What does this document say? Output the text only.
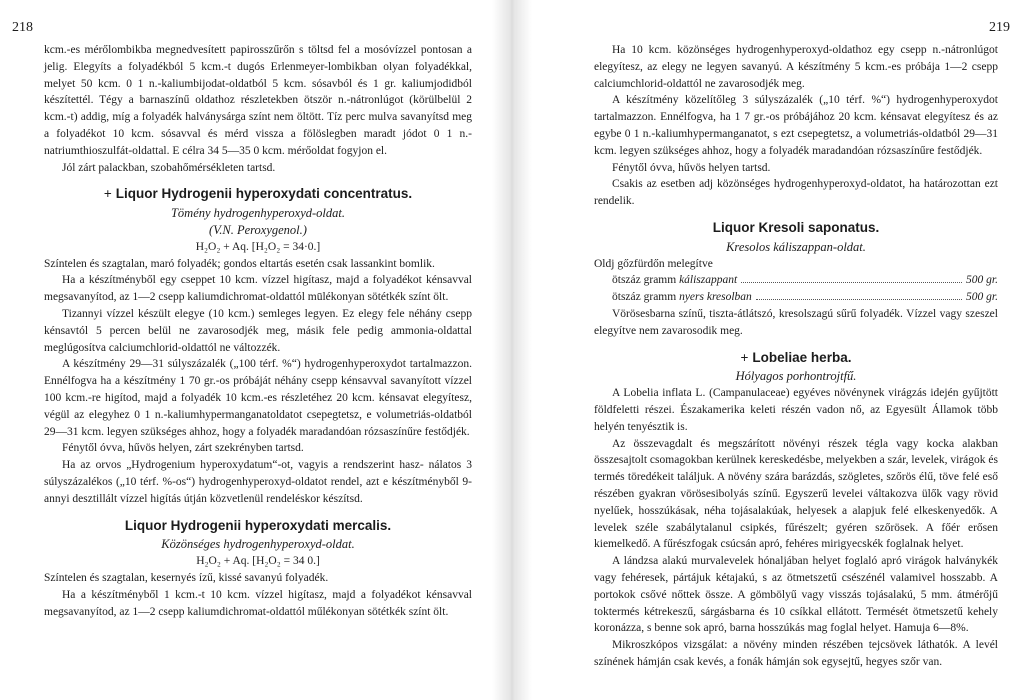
218

kcm.-es mérőlombikba megnedvesített papirosszűrőn s töltsd fel a mosóvízzel pontosan a jelig. Elegyíts a folyadékból 5 kcm.-t dugós Erlenmeyer-lombikban olyan folyadékkal, melyet 50 kcm. 0 1 n.-kaliumbijodat-oldatból 5 kcm. sósavból és 1 gr. kaliumjodidból készítettél. Tégy a barnaszínű oldathoz részletekben ötször n.-nátronlúgot (körülbelül 2 kcm.-t) addig, míg a folyadék halványsárga színt nem öltött. Tíz perc mulva savanyítsd meg a folyadékot 10 kcm. sósavval és mérd vissza a fölöslegben maradt jódot 0 1 n.-natriumthioszulfát-oldattal. E célra 34 5—35 0 kcm. mérőoldat fogyjon el.

Jól zárt palackban, szobahőmérsékleten tartsd.

+ Liquor Hydrogenii hyperoxydati concentratus.
Tömény hydrogenhyperoxyd-oldat.
(V.N. Peroxygenol.)
H₂O₂ + Aq. [H₂O₂ = 34·0.]

Színtelen és szagtalan, maró folyadék; gondos eltartás esetén csak lassankint bomlik.

Ha a készítményből egy cseppet 10 kcm. vízzel higítasz, majd a folyadékot kénsavval megsavanyítod, az 1—2 csepp kaliumdichromat-oldattól mūlékonyan sötétkék színt ölt.

Tizannyi vízzel készült elegye (10 kcm.) semleges legyen. Ez elegy fele néhány csepp kénsavtól 5 percen belül ne zavarosodjék meg, másik fele pedig ammonia-oldattal meglúgosítva calciumchlorid-oldattól ne változzék.

A készítmény 29—31 súlyszázalék („100 térf. %“) hydrogenhyperoxydot tartalmazzon. Ennélfogva ha a készítmény 1 70 gr.-os próbáját néhány csepp kénsavval savanyított vízzel 100 kcm.-re higítod, majd a folyadék 10 kcm.-es részletéhez 20 kcm. kénsavat elegyítesz, végül az elegyhez 0 1 n.-kaliumhypermanganatoldatot csepegtetsz, e volumetriás-oldatból 29—31 kcm. legyen szükséges ahhoz, hogy a folyadék maradandóan rózsaszínűre festődjék.

Fénytől óvva, hűvös helyen, zárt szekrényben tartsd.

Ha az orvos „Hydrogenium hyperoxydatum“-ot, vagyis a rendszerint hasz- nálatos 3 súlyszázalékos („10 térf. %-os“) hydrogenhyperoxyd-oldatot rendel, azt e készítményből 9-annyi desztillált vízzel higítás útján közvetlenül rendeléskor készítsd.

Liquor Hydrogenii hyperoxydati mercalis.
Közönséges hydrogenhyperoxyd-oldat.
H₂O₂ + Aq. [H₂O₂ = 34 0.]

Színtelen és szagtalan, kesernyés ízű, kissé savanyú folyadék.

Ha a készítményből 1 kcm.-t 10 kcm. vízzel higítasz, majd a folyadékot kénsavval megsavanyítod, az 1—2 csepp kaliumdichromat-oldattól műlékonyan sötétkék színt ölt.

219

Ha 10 kcm. közönséges hydrogenhyperoxyd-oldathoz egy csepp n.-nátronlúgot elegyítesz, az elegy ne legyen savanyú. A készítmény 5 kcm.-es próbája 1—2 csepp calciumchlorid-oldattól ne zavarosodjék meg.

A készítmény közelítőleg 3 súlyszázalék („10 térf. %“) hydrogenhyperoxydot tartalmazzon. Ennélfogva, ha 1 7 gr.-os próbájához 20 kcm. kénsavat elegyítesz és az egybe 0 1 n.-kaliumhypermanganatot, s ezt csepegtetsz, a volumetriás-oldatból 29—31 kcm. legyen szükséges ahhoz, hogy a folyadék maradandóan rózsaszínűre festődjék.

Fénytől óvva, hűvös helyen tartsd.

Csakis az esetben adj közönséges hydrogenhyperoxyd-oldatot, ha határozottan ezt rendelik.

Liquor Kresoli saponatus.
Kresolos káliszappan-oldat.

Oldj gőzfürdőn melegítve

ötszáz gramm
káliszappant	500 gr.
ötszáz gramm
nyers kresolban	500 gr.

Vörösesbarna színű, tiszta-átlátszó, kresolszagú sűrű folyadék. Vízzel vagy szeszel elegyítve nem zavarosodik meg.

+ Lobeliae herba.
Hólyagos porhontrojtfű.

A Lobelia inflata L. (Campanulaceae) egyéves növénynek virágzás idején gyűjtött földfeletti részei. Északamerika keleti részén vadon nő, az Egyesült Államok több helyén tenyésztik is.

Az összevagdalt és megszárított növényi részek tégla vagy kocka alakban összesajtolt csomagokban kerülnek kereskedésbe, melyekben a szár, levelek, virágok és termés töredékeit találjuk. A növény szára barázdás, szögletes, szőrös élű, töve felé eső részében gyakran vörösesibolyás színű. Egyszerű levelei váltakozva ülők vagy rövid nyelűek, hosszúkásak, néha tojásalakúak, helyesek a alapjuk felé elkeskenyedők. A levelek széle szabálytalanul csipkés, fűrészelt; gyéren szőrösek. A főér erősen kiemelkedő. A fűrészfogak csúcsán apró, fehéres mirigyecskék foglalnak helyet.

A lándzsa alakú murvalevelek hónaljában helyet foglaló apró virágok halványkék vagy fehéresek, pártájuk kétajakú, s az ötmetszetű csészénél valamivel hosszabb. A portokok csővé nőttek össze. A gömbölyű vagy visszás tojásalakú, 5 mm. átmérőjű toktermés kétrekeszű, sárgásbarna és 10 csíkkal ellátott. Termését ötmetszetű kehely koronázza, s benne sok apró, barna hosszúkás mag foglal helyet. Hamuja 6—8%.

Mikroszkópos vizsgálat: a növény minden részében tejcsövek láthatók. A levél színének hámján csak kevés, a fonák hámján sok egysejtű, hegyes szőr van.
